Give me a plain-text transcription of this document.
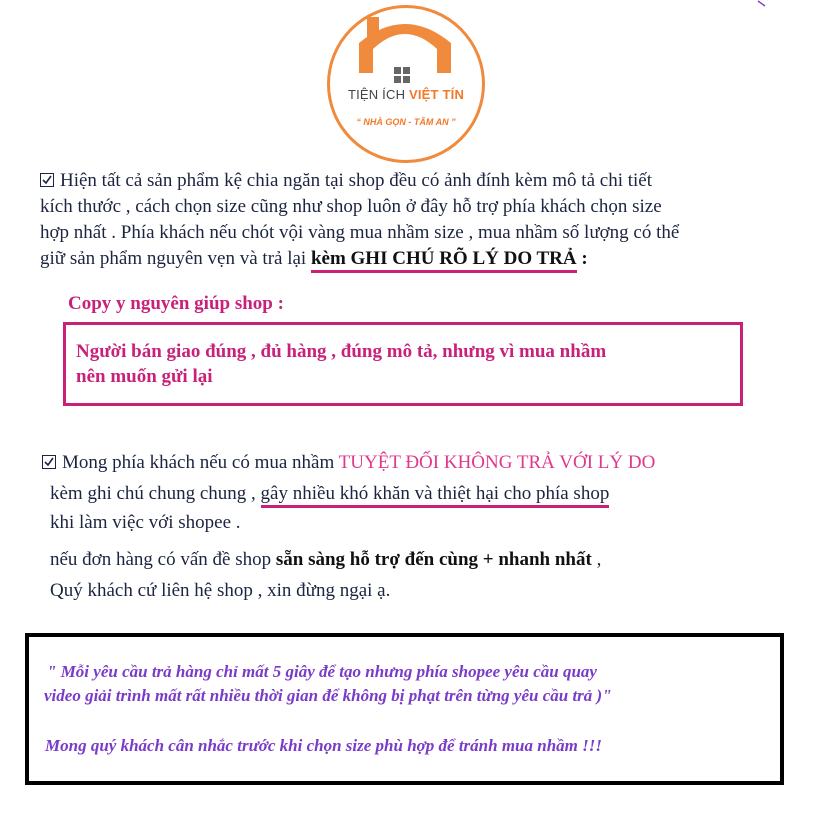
TIỆN ÍCH VIỆT TÍN
“ NHÀ GỌN - TÂM AN ”
Hiện tất cả sản phẩm kệ chia ngăn tại shop đều có ảnh đính kèm mô tả chi tiết
kích thước , cách chọn size cũng như shop luôn ở đây hỗ trợ phía khách chọn size
hợp nhất . Phía khách nếu chót vội vàng mua nhầm size , mua nhầm số lượng có thể
giữ sản phẩm nguyên vẹn và trả lại kèm GHI CHÚ RÕ LÝ DO TRẢ :
Copy y nguyên giúp shop :
Người bán giao đúng , đủ hàng , đúng mô tả, nhưng vì mua nhầm
nên muốn gửi lại
Mong phía khách nếu có mua nhầm TUYỆT ĐỐI KHÔNG TRẢ VỚI LÝ DO
kèm ghi chú chung chung , gây nhiều khó khăn và thiệt hại cho phía shop
khi làm việc với shopee .
nếu đơn hàng có vấn đề shop sẵn sàng hỗ trợ đến cùng + nhanh nhất ,
Quý khách cứ liên hệ shop , xin đừng ngại ạ.
" Mỗi yêu cầu trả hàng chỉ mất 5 giây để tạo nhưng phía shopee yêu cầu quay
video giải trình mất rất nhiều thời gian để không bị phạt trên từng yêu cầu trả )"
Mong quý khách cân nhắc trước khi chọn size phù hợp để tránh mua nhầm !!!
